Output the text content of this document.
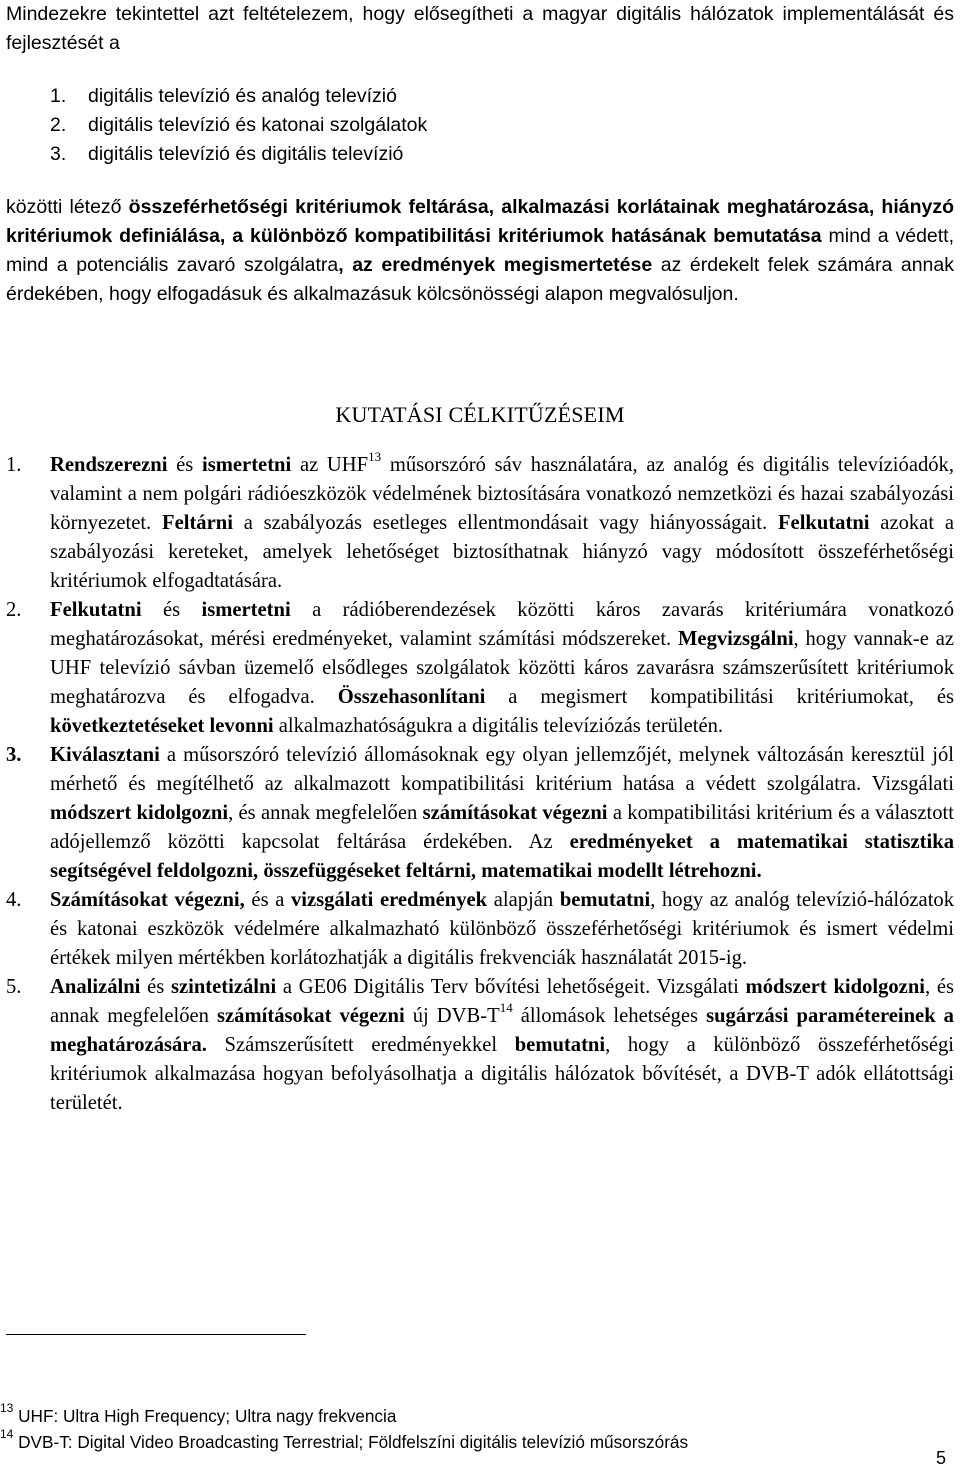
Mindezekre tekintettel azt feltételezem, hogy elősegítheti a magyar digitális hálózatok implementálását és fejlesztését a

1. digitális televízió és analóg televízió
2. digitális televízió és katonai szolgálatok
3. digitális televízió és digitális televízió

közötti létező összeférhetőségi kritériumok feltárása, alkalmazási korlátainak meghatározása, hiányzó kritériumok definiálása, a különböző kompatibilitási kritériumok hatásának bemutatása mind a védett, mind a potenciális zavaró szolgálatra, az eredmények megismertetése az érdekelt felek számára annak érdekében, hogy elfogadásuk és alkalmazásuk kölcsönösségi alapon megvalósuljon.

KUTATÁSI CÉLKITŰZÉSEIM

1. Rendszerezni és ismertetni az UHF$^{13}$ műsorszóró sáv használatára, az analóg és digitális televízióadók, valamint a nem polgári rádióeszközök védelmének biztosítására vonatkozó nemzetközi és hazai szabályozási környezetet. Feltárni a szabályozás esetleges ellentmondásait vagy hiányosságait. Felkutatni azokat a szabályozási kereteket, amelyek lehetőséget biztosíthatnak hiányzó vagy módosított összeférhetőségi kritériumok elfogadtatására.

2. Felkutatni és ismertetni a rádióberendezések közötti káros zavarás kritériumára vonatkozó meghatározásokat, mérési eredményeket, valamint számítási módszereket. Megvizsgálni, hogy vannak-e az UHF televízió sávban üzemelő elsődleges szolgálatok közötti káros zavarásra számszerűsített kritériumok meghatározva és elfogadva. Összehasonlítani a megismert kompatibilitási kritériumokat, és következtetéseket levonni alkalmazhatóságukra a digitális televíziózás területén.

3. Kiválasztani a műsorszóró televízió állomásoknak egy olyan jellemzőjét, melynek változásán keresztül jól mérhető és megítélhető az alkalmazott kompatibilitási kritérium hatása a védett szolgálatra. Vizsgálati módszert kidolgozni, és annak megfelelően számításokat végezni a kompatibilitási kritérium és a választott adójellemző közötti kapcsolat feltárása érdekében. Az eredményeket a matematikai statisztika segítségével feldolgozni, összefüggéseket feltárni, matematikai modellt létrehozni.

4. Számításokat végezni, és a vizsgálati eredmények alapján bemutatni, hogy az analóg televízió-hálózatok és katonai eszközök védelmére alkalmazható különböző összeférhetőségi kritériumok és ismert védelmi értékek milyen mértékben korlátozhatják a digitális frekvenciák használatát 2015-ig.

5. Analizálni és szintetizálni a GE06 Digitális Terv bővítési lehetőségeit. Vizsgálati módszert kidolgozni, és annak megfelelően számításokat végezni új DVB-$T^{14}$ állomások lehetséges sugárzási paramétereinek a meghatározására. Számszerűsített eredményekkel bemutatni, hogy a különböző összeférhetőségi kritériumok alkalmazása hogyan befolyásolhatja a digitális hálózatok bővítését, a DVB-T adók ellátottsági területét.

$^{13}$ UHF: Ultra High Frequency; Ultra nagy frekvencia

$^{14}$ DVB-T: Digital Video Broadcasting Terrestrial; Földfelszíni digitális televízió műsorszórás

5
